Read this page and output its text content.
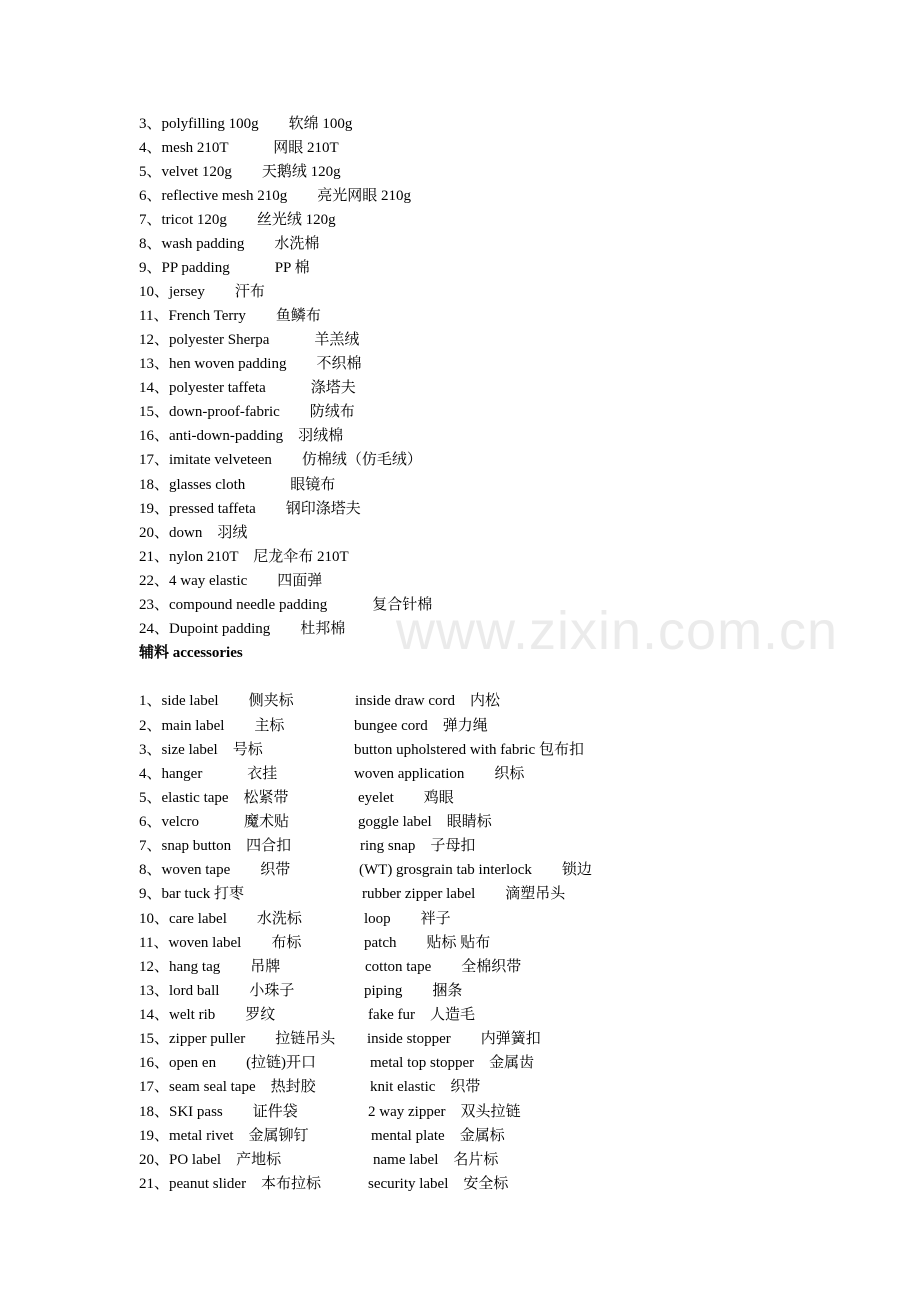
www.zixin.com.cn
3、polyfilling 100g　　软绵 100g
4、mesh 210T　　　网眼 210T
5、velvet 120g　　天鹅绒 120g
6、reflective mesh 210g　　亮光网眼 210g
7、tricot 120g　　丝光绒 120g
8、wash padding　　水洗棉
9、PP padding　　　PP 棉
10、jersey　　汗布
11、French Terry　　鱼鳞布
12、polyester Sherpa　　　羊羔绒
13、hen woven padding　　不织棉
14、polyester taffeta　　　涤塔夫
15、down-proof-fabric　　防绒布
16、anti-down-padding　羽绒棉
17、imitate velveteen　　仿棉绒（仿毛绒）
18、glasses cloth　　　眼镜布
19、pressed taffeta　　钢印涤塔夫
20、down　羽绒
21、nylon 210T　尼龙伞布 210T
22、4 way elastic　　四面弹
23、compound needle padding　　　复合针棉
24、Dupoint padding　　杜邦棉
辅料 accessories
1、side label　　侧夹标
2、main label　　主标
3、size label　号标
4、hanger　　　衣挂
5、elastic tape　松紧带
6、velcro　　　魔术贴
7、snap button　四合扣
8、woven tape　　织带
9、bar tuck 打枣
10、care label　　水洗标
11、woven label　　布标
12、hang tag　　吊牌
13、lord ball　　小珠子
14、welt rib　　罗纹
15、zipper puller　　拉链吊头
16、open en　　(拉链)开口
17、seam seal tape　热封胶
18、SKI pass　　证件袋
19、metal rivet　金属铆钉
20、PO label　产地标
21、peanut slider　本布拉标
inside draw cord　内松
bungee cord　弹力绳
button upholstered with fabric 包布扣
woven application　　织标
eyelet　　鸡眼
goggle label　眼睛标
ring snap　子母扣
(WT) grosgrain tab interlock　　锁边
rubber zipper label　　滴塑吊头
loop　　袢子
patch　　贴标 贴布
cotton tape　　全棉织带
piping　　捆条
fake fur　人造毛
inside stopper　　内弹簧扣
metal top stopper　金属齿
knit elastic　织带
2 way zipper　双头拉链
mental plate　金属标
name label　名片标
security label　安全标
